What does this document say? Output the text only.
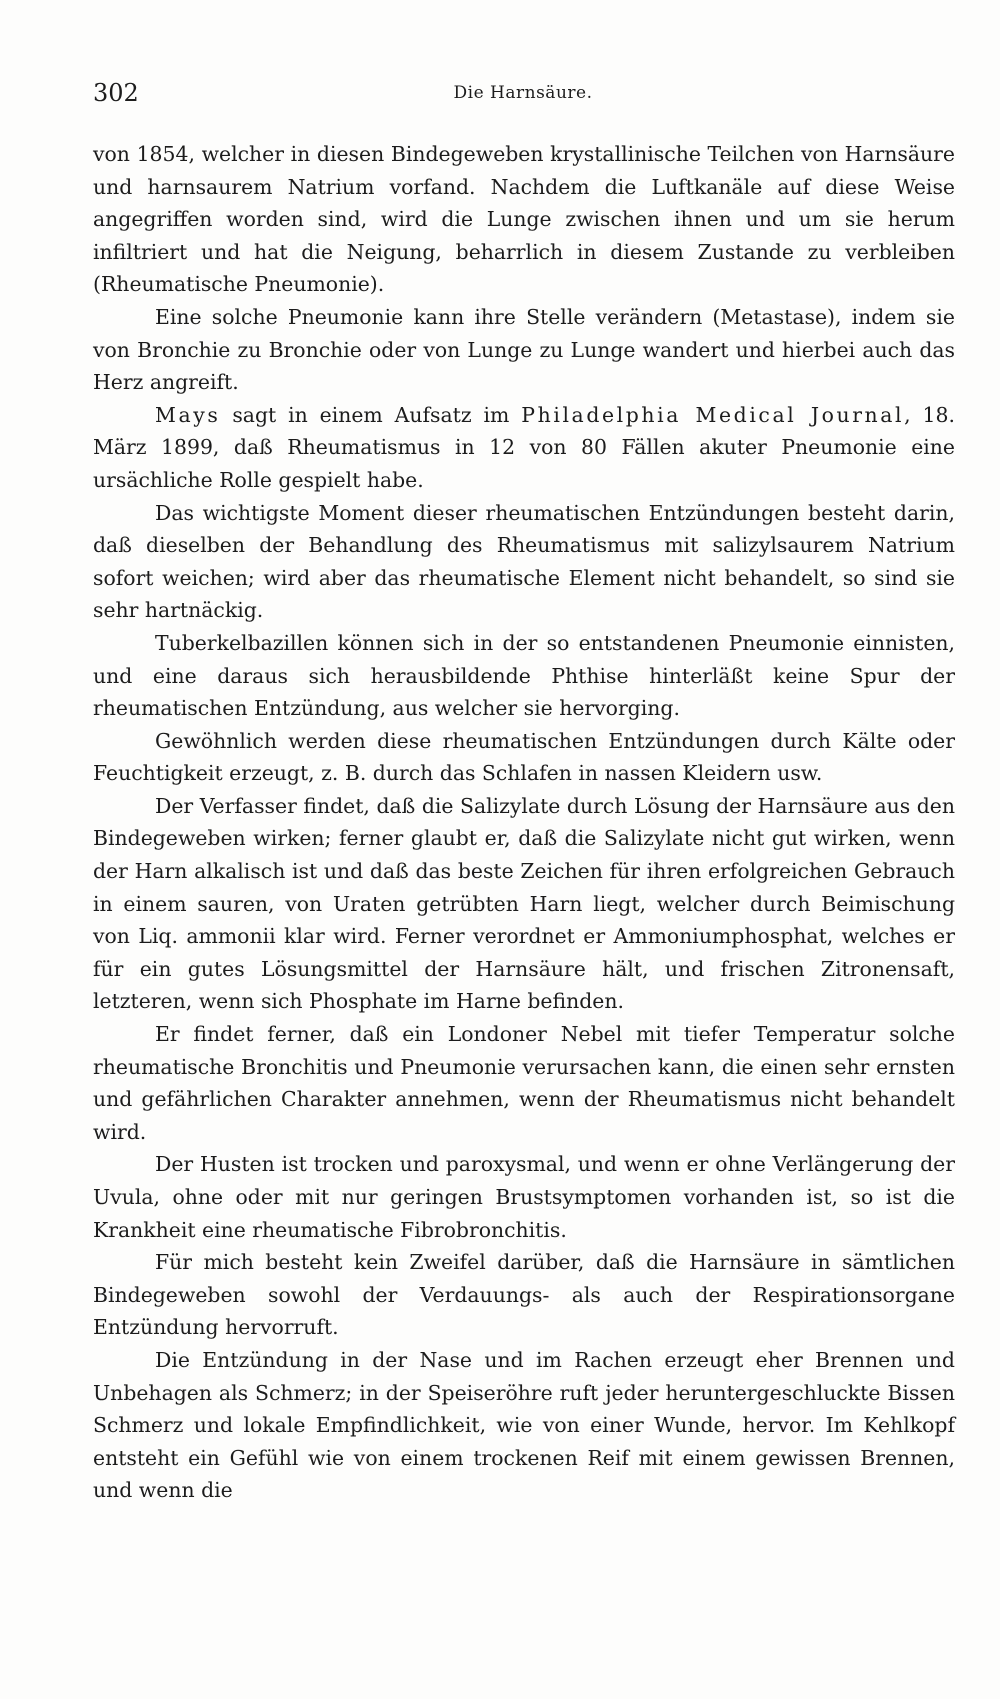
302	Die Harnsäure.

von 1854, welcher in diesen Bindegeweben krystallinische Teilchen von Harnsäure und harnsaurem Natrium vorfand. Nachdem die Luftkanäle auf diese Weise angegriffen worden sind, wird die Lunge zwischen ihnen und um sie herum infiltriert und hat die Neigung, beharrlich in diesem Zustande zu verbleiben (Rheumatische Pneumonie).

Eine solche Pneumonie kann ihre Stelle verändern (Metastase), indem sie von Bronchie zu Bronchie oder von Lunge zu Lunge wandert und hierbei auch das Herz angreift.

Mays sagt in einem Aufsatz im Philadelphia Medical Journal, 18. März 1899, daß Rheumatismus in 12 von 80 Fällen akuter Pneumonie eine ursächliche Rolle gespielt habe.

Das wichtigste Moment dieser rheumatischen Entzündungen besteht darin, daß dieselben der Behandlung des Rheumatismus mit salizylsaurem Natrium sofort weichen; wird aber das rheumatische Element nicht behandelt, so sind sie sehr hartnäckig.

Tuberkelbazillen können sich in der so entstandenen Pneumonie einnisten, und eine daraus sich herausbildende Phthise hinterläßt keine Spur der rheumatischen Entzündung, aus welcher sie hervorging.

Gewöhnlich werden diese rheumatischen Entzündungen durch Kälte oder Feuchtigkeit erzeugt, z. B. durch das Schlafen in nassen Kleidern usw.

Der Verfasser findet, daß die Salizylate durch Lösung der Harnsäure aus den Bindegeweben wirken; ferner glaubt er, daß die Salizylate nicht gut wirken, wenn der Harn alkalisch ist und daß das beste Zeichen für ihren erfolgreichen Gebrauch in einem sauren, von Uraten getrübten Harn liegt, welcher durch Beimischung von Liq. ammonii klar wird. Ferner verordnet er Ammoniumphosphat, welches er für ein gutes Lösungsmittel der Harnsäure hält, und frischen Zitronensaft, letzteren, wenn sich Phosphate im Harne befinden.

Er findet ferner, daß ein Londoner Nebel mit tiefer Temperatur solche rheumatische Bronchitis und Pneumonie verursachen kann, die einen sehr ernsten und gefährlichen Charakter annehmen, wenn der Rheumatismus nicht behandelt wird.

Der Husten ist trocken und paroxysmal, und wenn er ohne Verlängerung der Uvula, ohne oder mit nur geringen Brustsymptomen vorhanden ist, so ist die Krankheit eine rheumatische Fibrobronchitis.

Für mich besteht kein Zweifel darüber, daß die Harnsäure in sämtlichen Bindegeweben sowohl der Verdauungs- als auch der Respirationsorgane Entzündung hervorruft.

Die Entzündung in der Nase und im Rachen erzeugt eher Brennen und Unbehagen als Schmerz; in der Speiseröhre ruft jeder heruntergeschluckte Bissen Schmerz und lokale Empfindlichkeit, wie von einer Wunde, hervor. Im Kehlkopf entsteht ein Gefühl wie von einem trockenen Reif mit einem gewissen Brennen, und wenn die
